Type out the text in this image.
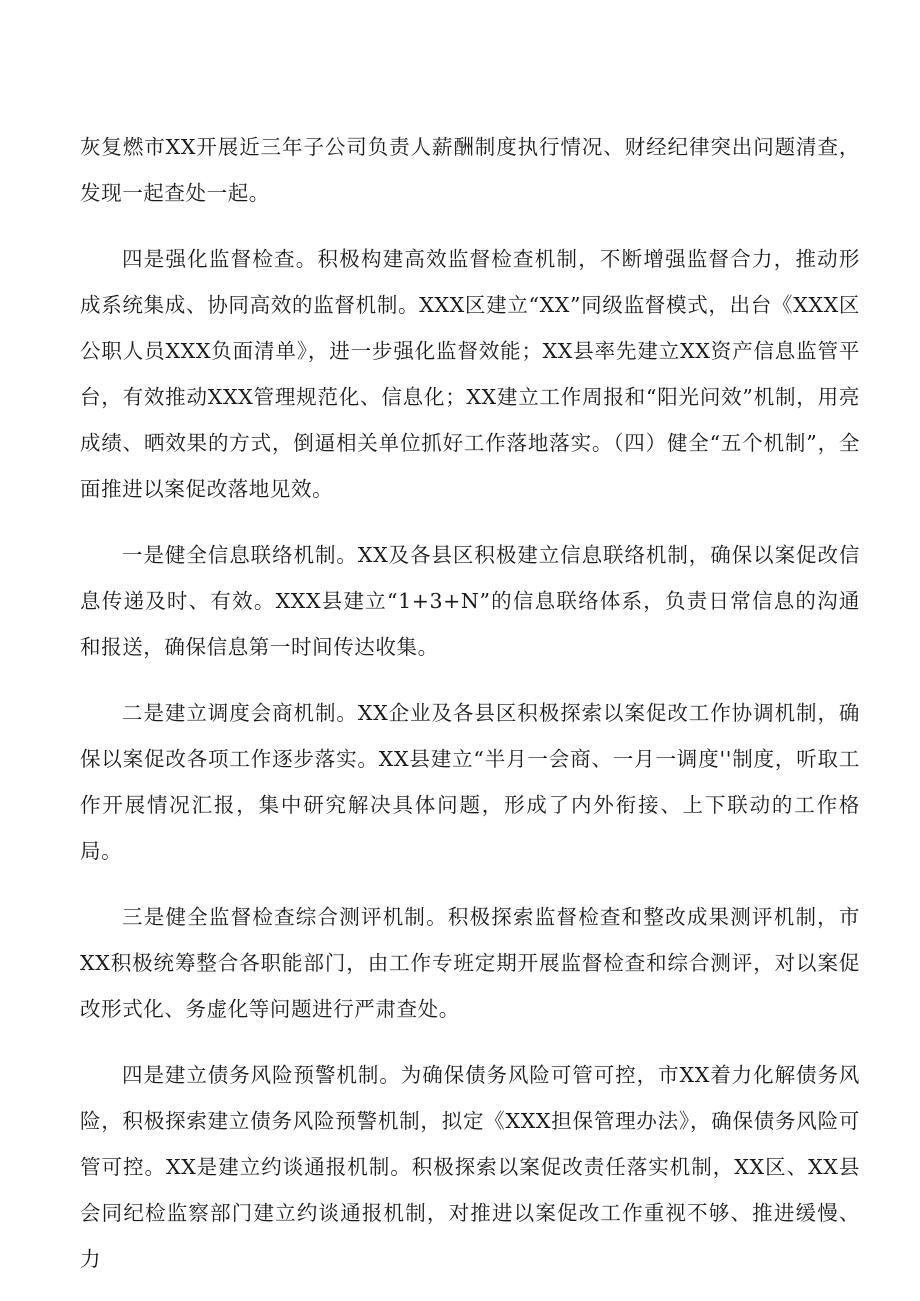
灰复燃市XX开展近三年子公司负责人薪酬制度执行情况、财经纪律突出问题清查，发现一起查处一起。

四是强化监督检查。积极构建高效监督检查机制，不断增强监督合力，推动形成系统集成、协同高效的监督机制。XXX区建立“XX”同级监督模式，出台《XXX区公职人员XXX负面清单》，进一步强化监督效能；XX县率先建立XX资产信息监管平台，有效推动XXX管理规范化、信息化；XX建立工作周报和“阳光问效”机制，用亮成绩、晒效果的方式，倒逼相关单位抓好工作落地落实。（四）健全“五个机制”，全面推进以案促改落地见效。

一是健全信息联络机制。XX及各县区积极建立信息联络机制，确保以案促改信息传递及时、有效。XXX县建立“1+3+N”的信息联络体系，负责日常信息的沟通和报送，确保信息第一时间传达收集。

二是建立调度会商机制。XX企业及各县区积极探索以案促改工作协调机制，确保以案促改各项工作逐步落实。XX县建立“半月一会商、一月一调度''制度，听取工作开展情况汇报，集中研究解决具体问题，形成了内外衔接、上下联动的工作格局。

三是健全监督检查综合测评机制。积极探索监督检查和整改成果测评机制，市XX积极统筹整合各职能部门，由工作专班定期开展监督检查和综合测评，对以案促改形式化、务虚化等问题进行严肃查处。

四是建立债务风险预警机制。为确保债务风险可管可控，市XX着力化解债务风险，积极探索建立债务风险预警机制，拟定《XXX担保管理办法》，确保债务风险可管可控。XX是建立约谈通报机制。积极探索以案促改责任落实机制，XX区、XX县会同纪检监察部门建立约谈通报机制，对推进以案促改工作重视不够、推进缓慢、力
